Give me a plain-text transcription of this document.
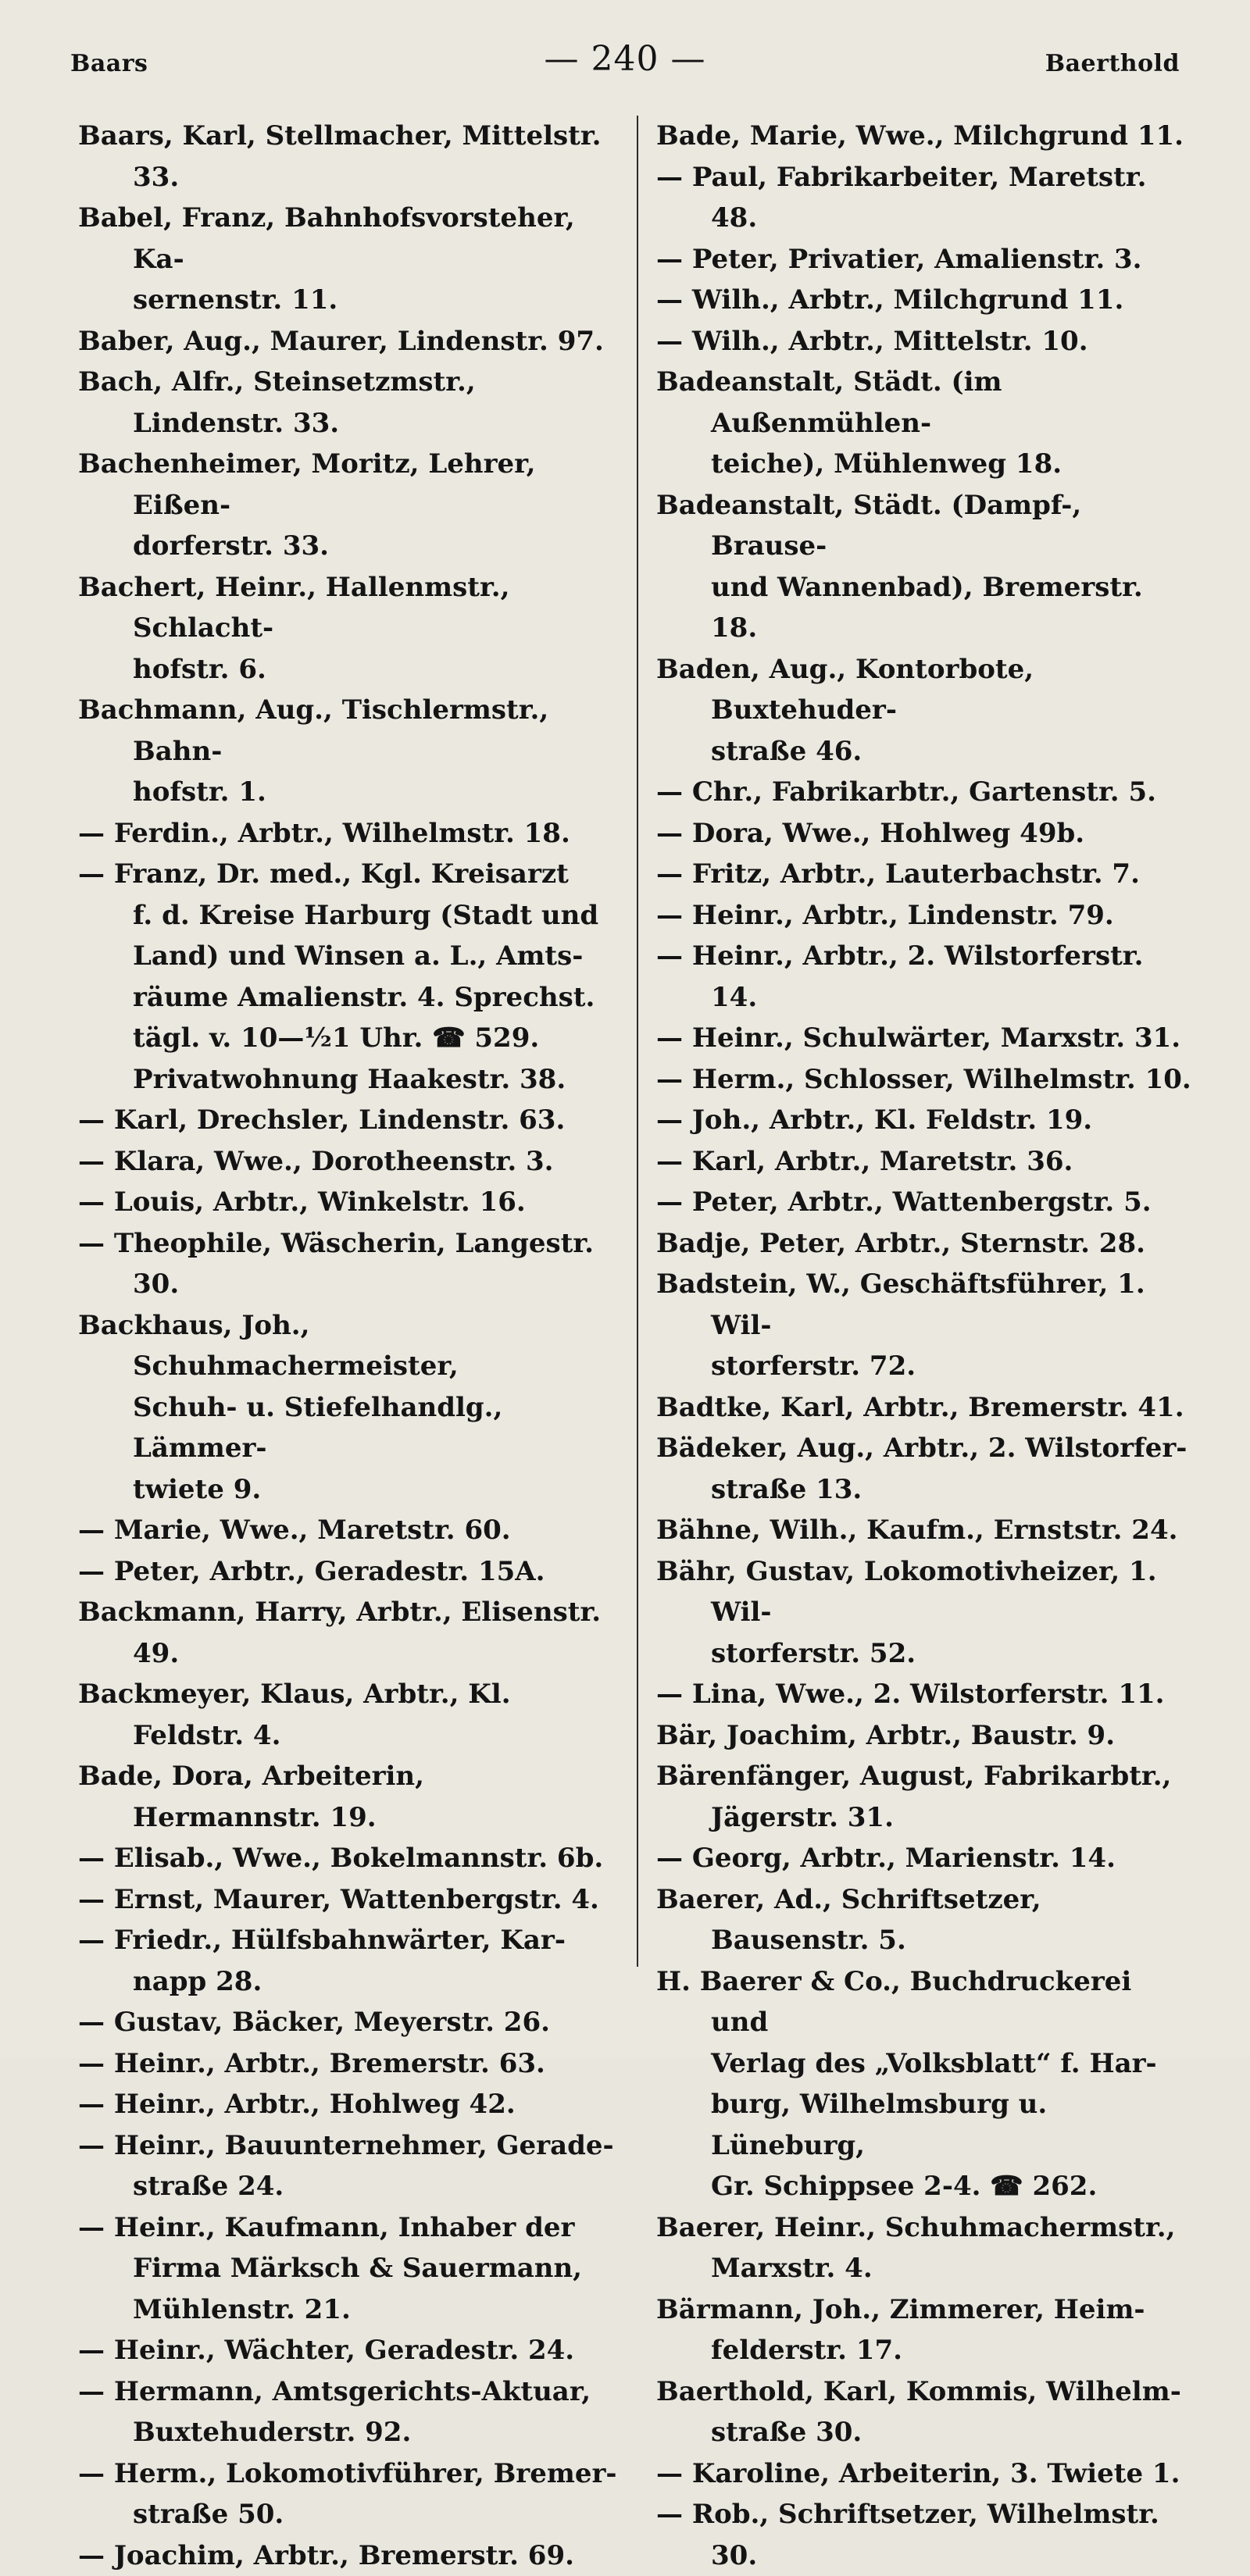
Baars	— 240 —	Baerthold
Baars, Karl, Stellmacher, Mittelstr. 33.
Babel, Franz, Bahnhofsvorsteher, Ka-
sernenstr. 11.
Baber, Aug., Maurer, Lindenstr. 97.
Bach, Alfr., Steinsetzmstr., Lindenstr. 33.
Bachenheimer, Moritz, Lehrer, Eißen-
dorferstr. 33.
Bachert, Heinr., Hallenmstr., Schlacht-
hofstr. 6.
Bachmann, Aug., Tischlermstr., Bahn-
hofstr. 1.
— Ferdin., Arbtr., Wilhelmstr. 18.
— Franz, Dr. med., Kgl. Kreisarzt
f. d. Kreise Harburg (Stadt und
Land) und Winsen a. L., Amts-
räume Amalienstr. 4. Sprechst.
tägl. v. 10—½1 Uhr. ☎ 529.
Privatwohnung Haakestr. 38.
— Karl, Drechsler, Lindenstr. 63.
— Klara, Wwe., Dorotheenstr. 3.
— Louis, Arbtr., Winkelstr. 16.
— Theophile, Wäscherin, Langestr. 30.
Backhaus, Joh., Schuhmachermeister,
Schuh- u. Stiefelhandlg., Lämmer-
twiete 9.
— Marie, Wwe., Maretstr. 60.
— Peter, Arbtr., Geradestr. 15A.
Backmann, Harry, Arbtr., Elisenstr. 49.
Backmeyer, Klaus, Arbtr., Kl. Feldstr. 4.
Bade, Dora, Arbeiterin, Hermannstr. 19.
— Elisab., Wwe., Bokelmannstr. 6b.
— Ernst, Maurer, Wattenbergstr. 4.
— Friedr., Hülfsbahnwärter, Kar-
napp 28.
— Gustav, Bäcker, Meyerstr. 26.
— Heinr., Arbtr., Bremerstr. 63.
— Heinr., Arbtr., Hohlweg 42.
— Heinr., Bauunternehmer, Gerade-
straße 24.
— Heinr., Kaufmann, Inhaber der
Firma Märksch & Sauermann,
Mühlenstr. 21.
— Heinr., Wächter, Geradestr. 24.
— Hermann, Amtsgerichts-Aktuar,
Buxtehuderstr. 92.
— Herm., Lokomotivführer, Bremer-
straße 50.
— Joachim, Arbtr., Bremerstr. 69.
Bade, Marie, Wwe., Milchgrund 11.
— Paul, Fabrikarbeiter, Maretstr. 48.
— Peter, Privatier, Amalienstr. 3.
— Wilh., Arbtr., Milchgrund 11.
— Wilh., Arbtr., Mittelstr. 10.
Badeanstalt, Städt. (im Außenmühlen-
teiche), Mühlenweg 18.
Badeanstalt, Städt. (Dampf-, Brause-
und Wannenbad), Bremerstr. 18.
Baden, Aug., Kontorbote, Buxtehuder-
straße 46.
— Chr., Fabrikarbtr., Gartenstr. 5.
— Dora, Wwe., Hohlweg 49b.
— Fritz, Arbtr., Lauterbachstr. 7.
— Heinr., Arbtr., Lindenstr. 79.
— Heinr., Arbtr., 2. Wilstorferstr. 14.
— Heinr., Schulwärter, Marxstr. 31.
— Herm., Schlosser, Wilhelmstr. 10.
— Joh., Arbtr., Kl. Feldstr. 19.
— Karl, Arbtr., Maretstr. 36.
— Peter, Arbtr., Wattenbergstr. 5.
Badje, Peter, Arbtr., Sternstr. 28.
Badstein, W., Geschäftsführer, 1. Wil-
storferstr. 72.
Badtke, Karl, Arbtr., Bremerstr. 41.
Bädeker, Aug., Arbtr., 2. Wilstorfer-
straße 13.
Bähne, Wilh., Kaufm., Ernststr. 24.
Bähr, Gustav, Lokomotivheizer, 1. Wil-
storferstr. 52.
— Lina, Wwe., 2. Wilstorferstr. 11.
Bär, Joachim, Arbtr., Baustr. 9.
Bärenfänger, August, Fabrikarbtr.,
Jägerstr. 31.
— Georg, Arbtr., Marienstr. 14.
Baerer, Ad., Schriftsetzer, Bausenstr. 5.
H. Baerer & Co., Buchdruckerei und
Verlag des „Volksblatt“ f. Har-
burg, Wilhelmsburg u. Lüneburg,
Gr. Schippsee 2-4. ☎ 262.
Baerer, Heinr., Schuhmachermstr.,
Marxstr. 4.
Bärmann, Joh., Zimmerer, Heim-
felderstr. 17.
Baerthold, Karl, Kommis, Wilhelm-
straße 30.
— Karoline, Arbeiterin, 3. Twiete 1.
— Rob., Schriftsetzer, Wilhelmstr. 30.
